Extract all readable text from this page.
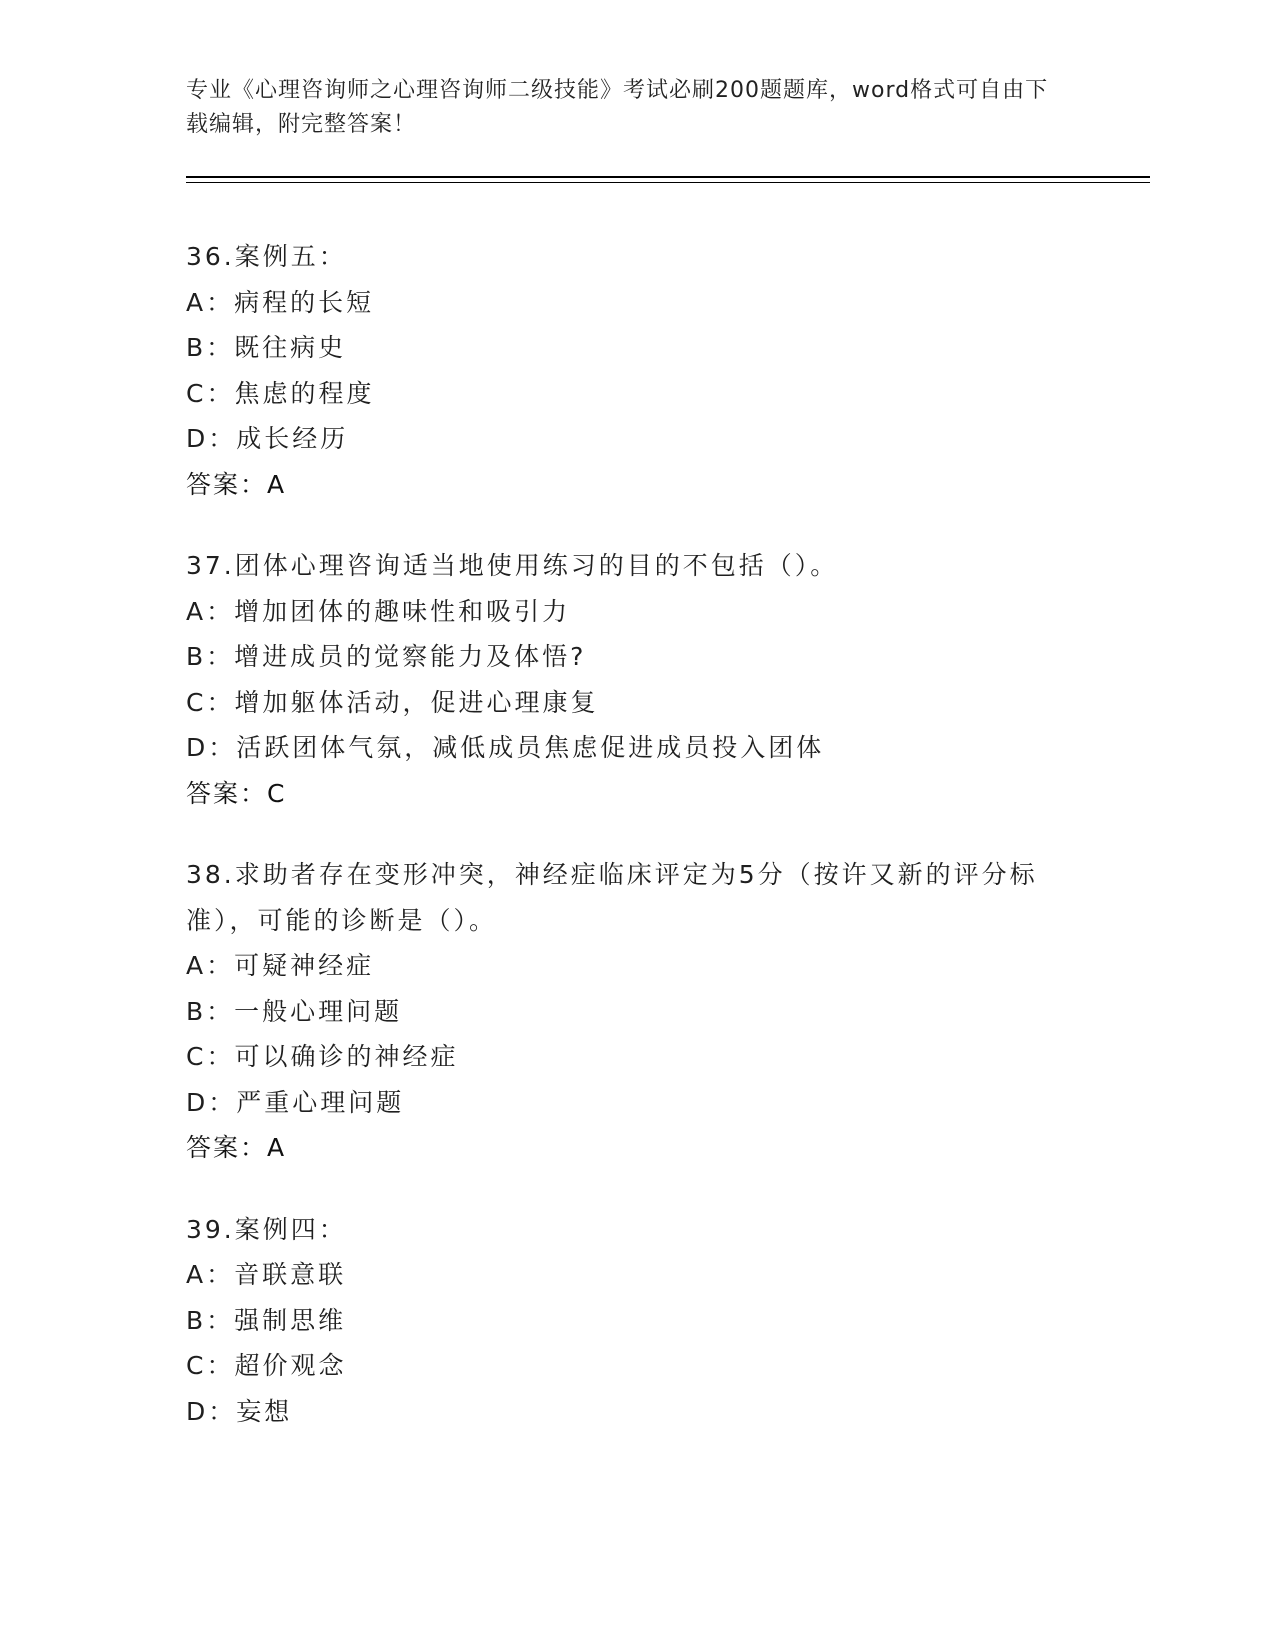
专业《心理咨询师之心理咨询师二级技能》考试必刷200题题库，word格式可自由下载编辑，附完整答案！
36.案例五：
A：病程的长短
B：既往病史
C：焦虑的程度
D：成长经历
答案：A
37.团体心理咨询适当地使用练习的目的不包括（）。
A：增加团体的趣味性和吸引力
B：增进成员的觉察能力及体悟?
C：增加躯体活动，促进心理康复
D：活跃团体气氛，减低成员焦虑促进成员投入团体
答案：C
38.求助者存在变形冲突，神经症临床评定为5分（按许又新的评分标准），可能的诊断是（）。
A：可疑神经症
B：一般心理问题
C：可以确诊的神经症
D：严重心理问题
答案：A
39.案例四：
A：音联意联
B：强制思维
C：超价观念
D：妄想
